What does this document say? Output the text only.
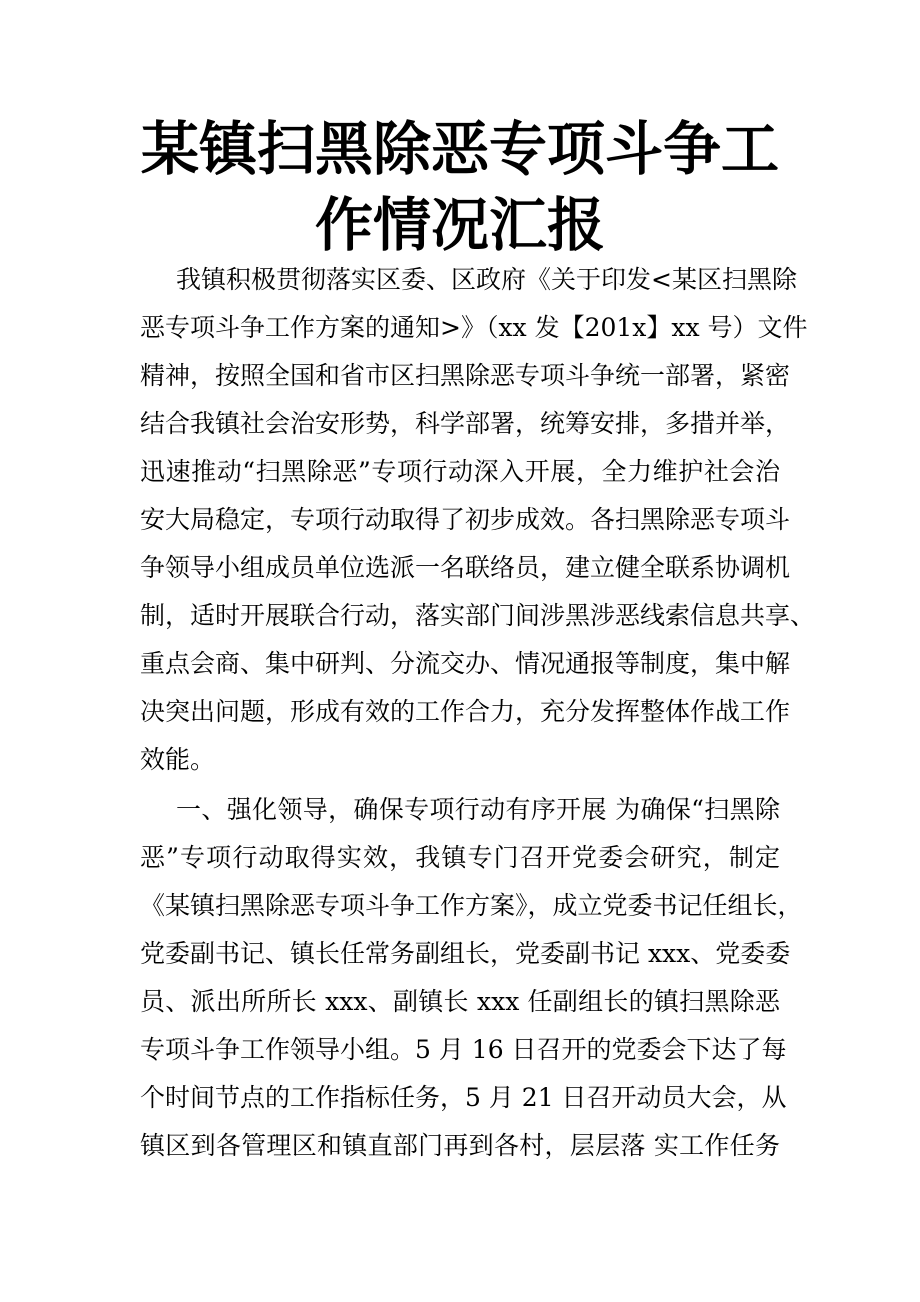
某镇扫黑除恶专项斗争工
作情况汇报
我镇积极贯彻落实区委、区政府《关于印发<某区扫黑除
恶专项斗争工作方案的通知>》（xx 发【201x】xx 号）文件
精神，按照全国和省市区扫黑除恶专项斗争统一部署，紧密
结合我镇社会治安形势，科学部署，统筹安排，多措并举，
迅速推动“扫黑除恶”专项行动深入开展，全力维护社会治
安大局稳定，专项行动取得了初步成效。各扫黑除恶专项斗
争领导小组成员单位选派一名联络员，建立健全联系协调机
制，适时开展联合行动，落实部门间涉黑涉恶线索信息共享、
重点会商、集中研判、分流交办、情况通报等制度，集中解
决突出问题，形成有效的工作合力，充分发挥整体作战工作
效能。
一、强化领导，确保专项行动有序开展 为确保“扫黑除
恶”专项行动取得实效，我镇专门召开党委会研究，制定
《某镇扫黑除恶专项斗争工作方案》，成立党委书记任组长，
党委副书记、镇长任常务副组长，党委副书记 xxx、党委委
员、派出所所长 xxx、副镇长 xxx 任副组长的镇扫黑除恶
专项斗争工作领导小组。5 月 16 日召开的党委会下达了每
个时间节点的工作指标任务，5 月 21 日召开动员大会，从
镇区到各管理区和镇直部门再到各村，层层落 实工作任务
